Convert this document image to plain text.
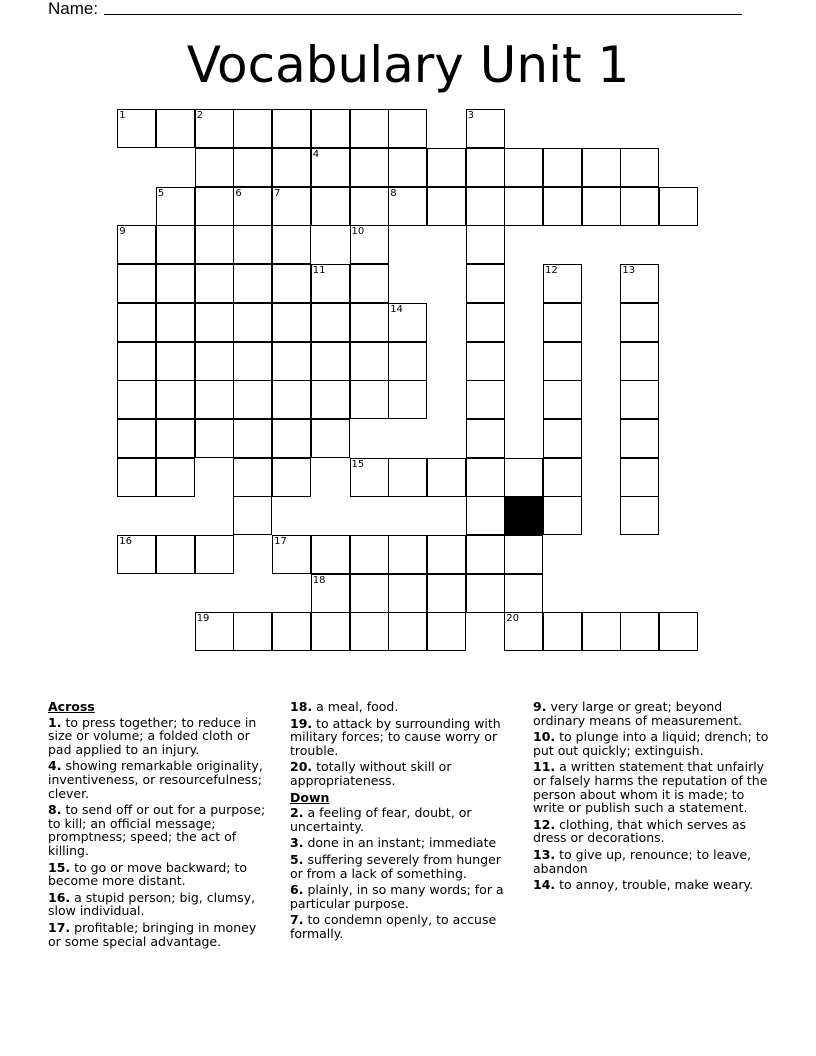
Name:
Vocabulary Unit 1
1	2	3
4
5	6	7	8
9	10
11	12	13
14
15
16	17
18
19	20
Across
1. to press together; to reduce in size or volume; a folded cloth or pad applied to an injury.
4. showing remarkable originality, inventiveness, or resourcefulness; clever.
8. to send off or out for a purpose; to kill; an official message; promptness; speed; the act of killing.
15. to go or move backward; to become more distant.
16. a stupid person; big, clumsy, slow individual.
17. profitable; bringing in money or some special advantage.
18. a meal, food.
19. to attack by surrounding with military forces; to cause worry or trouble.
20. totally without skill or appropriateness.
Down
2. a feeling of fear, doubt, or uncertainty.
3. done in an instant; immediate
5. suffering severely from hunger or from a lack of something.
6. plainly, in so many words; for a particular purpose.
7. to condemn openly, to accuse formally.
9. very large or great; beyond ordinary means of measurement.
10. to plunge into a liquid; drench; to put out quickly; extinguish.
11. a written statement that unfairly or falsely harms the reputation of the person about whom it is made; to write or publish such a statement.
12. clothing, that which serves as dress or decorations.
13. to give up, renounce; to leave, abandon
14. to annoy, trouble, make weary.
